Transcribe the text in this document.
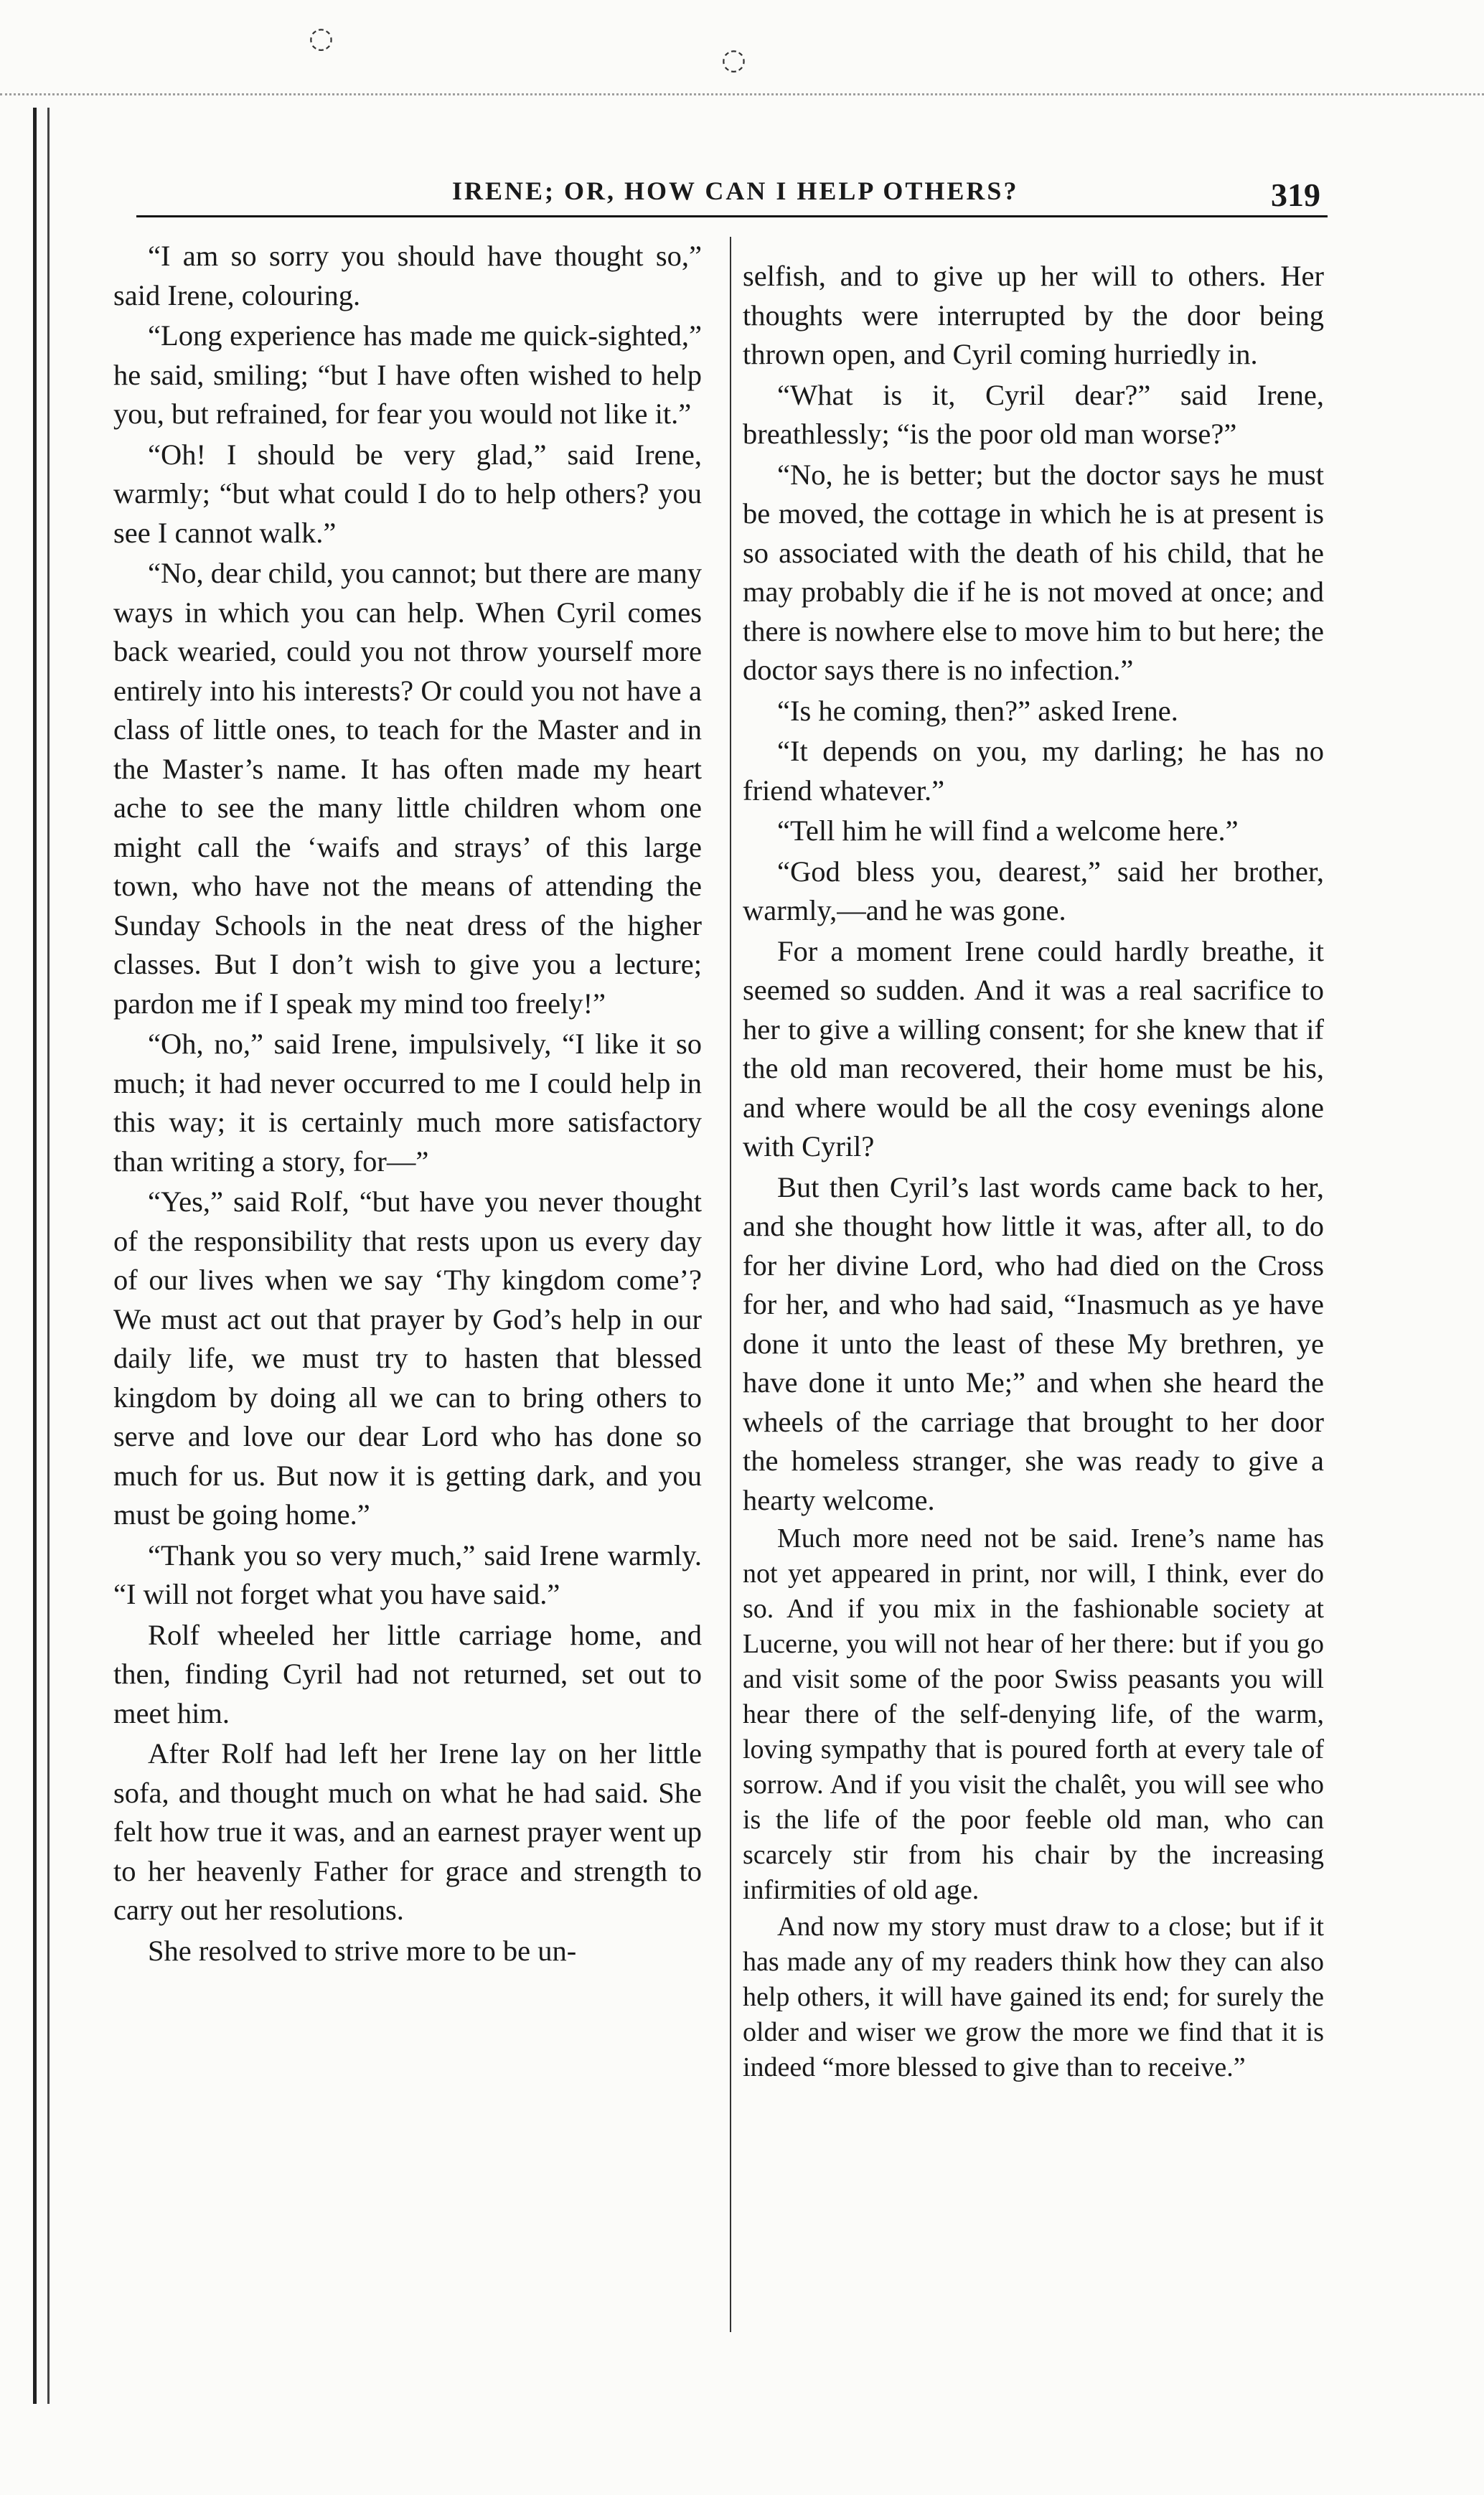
◌
◌
IRENE; OR, HOW CAN I HELP OTHERS?	319

“I am so sorry you should have thought so,” said Irene, colouring.

“Long experience has made me quick-sighted,” he said, smiling; “but I have often wished to help you, but refrained, for fear you would not like it.”

“Oh! I should be very glad,” said Irene, warmly; “but what could I do to help others? you see I cannot walk.”

“No, dear child, you cannot; but there are many ways in which you can help. When Cyril comes back wearied, could you not throw yourself more entirely into his interests? Or could you not have a class of little ones, to teach for the Master and in the Master’s name. It has often made my heart ache to see the many little children whom one might call the ‘waifs and strays’ of this large town, who have not the means of attending the Sunday Schools in the neat dress of the higher classes. But I don’t wish to give you a lecture; pardon me if I speak my mind too freely!”

“Oh, no,” said Irene, impulsively, “I like it so much; it had never occurred to me I could help in this way; it is certainly much more satisfactory than writing a story, for—”

“Yes,” said Rolf, “but have you never thought of the responsibility that rests upon us every day of our lives when we say ‘Thy kingdom come’? We must act out that prayer by God’s help in our daily life, we must try to hasten that blessed kingdom by doing all we can to bring others to serve and love our dear Lord who has done so much for us. But now it is getting dark, and you must be going home.”

“Thank you so very much,” said Irene warmly. “I will not forget what you have said.”

Rolf wheeled her little carriage home, and then, finding Cyril had not returned, set out to meet him.

After Rolf had left her Irene lay on her little sofa, and thought much on what he had said. She felt how true it was, and an earnest prayer went up to her heavenly Father for grace and strength to carry out her resolutions.

She resolved to strive more to be un-

selfish, and to give up her will to others. Her thoughts were interrupted by the door being thrown open, and Cyril coming hurriedly in.

“What is it, Cyril dear?” said Irene, breathlessly; “is the poor old man worse?”

“No, he is better; but the doctor says he must be moved, the cottage in which he is at present is so associated with the death of his child, that he may probably die if he is not moved at once; and there is nowhere else to move him to but here; the doctor says there is no infection.”

“Is he coming, then?” asked Irene.

“It depends on you, my darling; he has no friend whatever.”

“Tell him he will find a welcome here.”

“God bless you, dearest,” said her brother, warmly,—and he was gone.

For a moment Irene could hardly breathe, it seemed so sudden. And it was a real sacrifice to her to give a willing consent; for she knew that if the old man recovered, their home must be his, and where would be all the cosy evenings alone with Cyril?

But then Cyril’s last words came back to her, and she thought how little it was, after all, to do for her divine Lord, who had died on the Cross for her, and who had said, “Inasmuch as ye have done it unto the least of these My brethren, ye have done it unto Me;” and when she heard the wheels of the carriage that brought to her door the homeless stranger, she was ready to give a hearty welcome.

Much more need not be said. Irene’s name has not yet appeared in print, nor will, I think, ever do so. And if you mix in the fashionable society at Lucerne, you will not hear of her there: but if you go and visit some of the poor Swiss peasants you will hear there of the self-denying life, of the warm, loving sympathy that is poured forth at every tale of sorrow. And if you visit the chalêt, you will see who is the life of the poor feeble old man, who can scarcely stir from his chair by the increasing infirmities of old age.

And now my story must draw to a close; but if it has made any of my readers think how they can also help others, it will have gained its end; for surely the older and wiser we grow the more we find that it is indeed “more blessed to give than to receive.”
